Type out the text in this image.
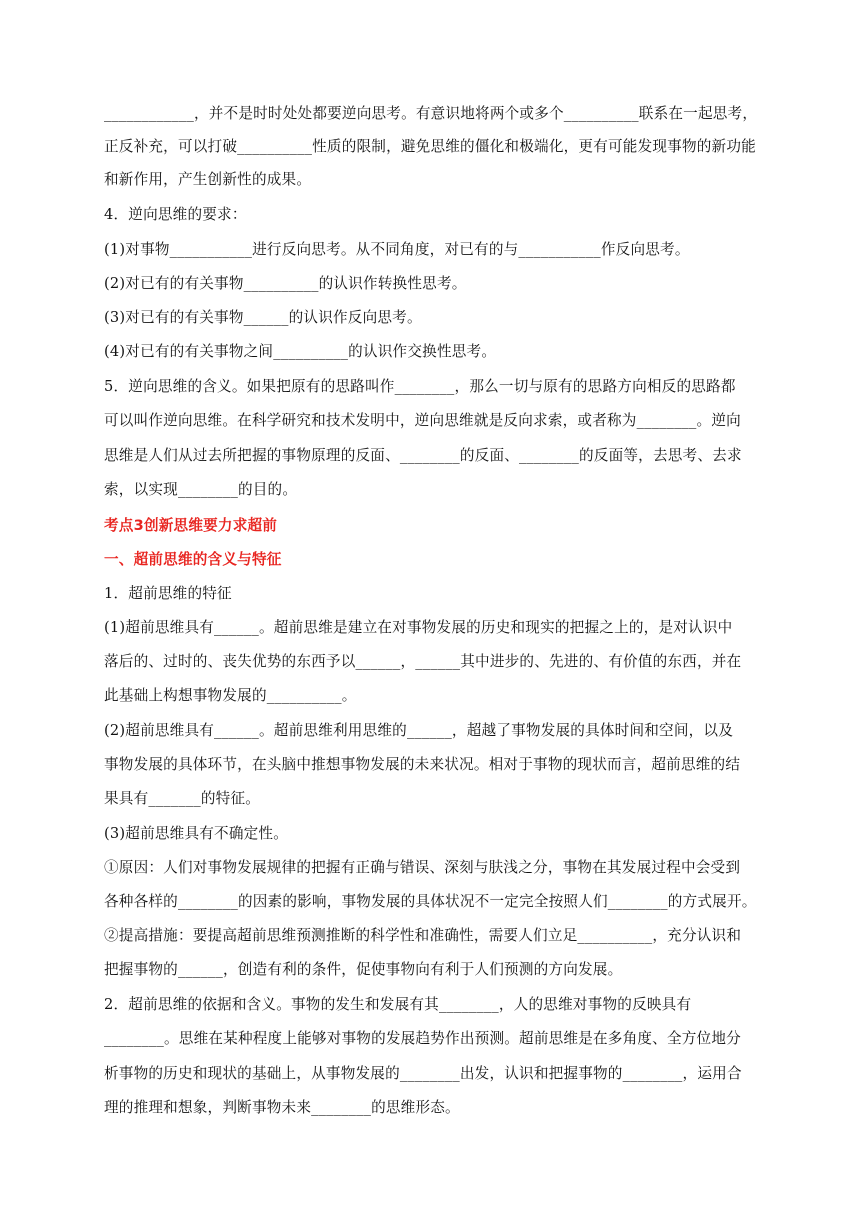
____________，并不是时时处处都要逆向思考。有意识地将两个或多个__________联系在一起思考，
正反补充，可以打破__________性质的限制，避免思维的僵化和极端化，更有可能发现事物的新功能
和新作用，产生创新性的成果。
4．逆向思维的要求：
(1)对事物___________进行反向思考。从不同角度，对已有的与___________作反向思考。
(2)对已有的有关事物__________的认识作转换性思考。
(3)对已有的有关事物______的认识作反向思考。
(4)对已有的有关事物之间__________的认识作交换性思考。
5．逆向思维的含义。如果把原有的思路叫作________，那么一切与原有的思路方向相反的思路都
可以叫作逆向思维。在科学研究和技术发明中，逆向思维就是反向求索，或者称为________。逆向
思维是人们从过去所把握的事物原理的反面、________的反面、________的反面等，去思考、去求
索，以实现________的目的。
考点3创新思维要力求超前
一、超前思维的含义与特征
1．超前思维的特征
(1)超前思维具有______。超前思维是建立在对事物发展的历史和现实的把握之上的，是对认识中
落后的、过时的、丧失优势的东西予以______，______其中进步的、先进的、有价值的东西，并在
此基础上构想事物发展的__________。
(2)超前思维具有______。超前思维利用思维的______，超越了事物发展的具体时间和空间，以及
事物发展的具体环节，在头脑中推想事物发展的未来状况。相对于事物的现状而言，超前思维的结
果具有_______的特征。
(3)超前思维具有不确定性。
①原因：人们对事物发展规律的把握有正确与错误、深刻与肤浅之分，事物在其发展过程中会受到
各种各样的________的因素的影响，事物发展的具体状况不一定完全按照人们________的方式展开。
②提高措施：要提高超前思维预测推断的科学性和准确性，需要人们立足__________，充分认识和
把握事物的______，创造有利的条件，促使事物向有利于人们预测的方向发展。
2．超前思维的依据和含义。事物的发生和发展有其________，人的思维对事物的反映具有
________。思维在某种程度上能够对事物的发展趋势作出预测。超前思维是在多角度、全方位地分
析事物的历史和现状的基础上，从事物发展的________出发，认识和把握事物的________，运用合
理的推理和想象，判断事物未来________的思维形态。
